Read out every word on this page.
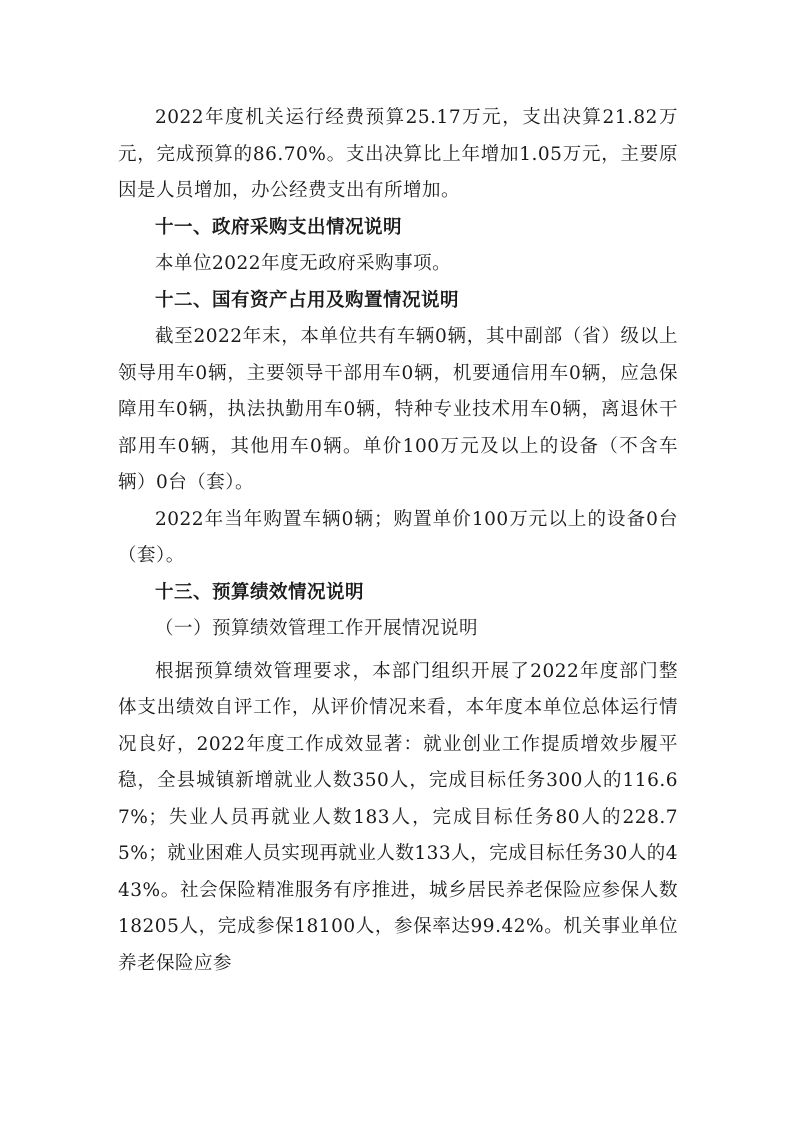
2022年度机关运行经费预算25.17万元，支出决算21.82万元，完成预算的86.70%。支出决算比上年增加1.05万元，主要原因是人员增加，办公经费支出有所增加。

十一、政府采购支出情况说明

本单位2022年度无政府采购事项。

十二、国有资产占用及购置情况说明

截至2022年末，本单位共有车辆0辆，其中副部（省）级以上领导用车0辆，主要领导干部用车0辆，机要通信用车0辆，应急保障用车0辆，执法执勤用车0辆，特种专业技术用车0辆，离退休干部用车0辆，其他用车0辆。单价100万元及以上的设备（不含车辆）0台（套）。

2022年当年购置车辆0辆；购置单价100万元以上的设备0台（套）。

十三、预算绩效情况说明

（一）预算绩效管理工作开展情况说明

根据预算绩效管理要求，本部门组织开展了2022年度部门整体支出绩效自评工作，从评价情况来看，本年度本单位总体运行情况良好，2022年度工作成效显著：就业创业工作提质增效步履平稳，全县城镇新增就业人数350人，完成目标任务300人的116.67%；失业人员再就业人数183人，完成目标任务80人的228.75%；就业困难人员实现再就业人数133人，完成目标任务30人的443%。社会保险精准服务有序推进，城乡居民养老保险应参保人数18205人，完成参保18100人，参保率达99.42%。机关事业单位养老保险应参
